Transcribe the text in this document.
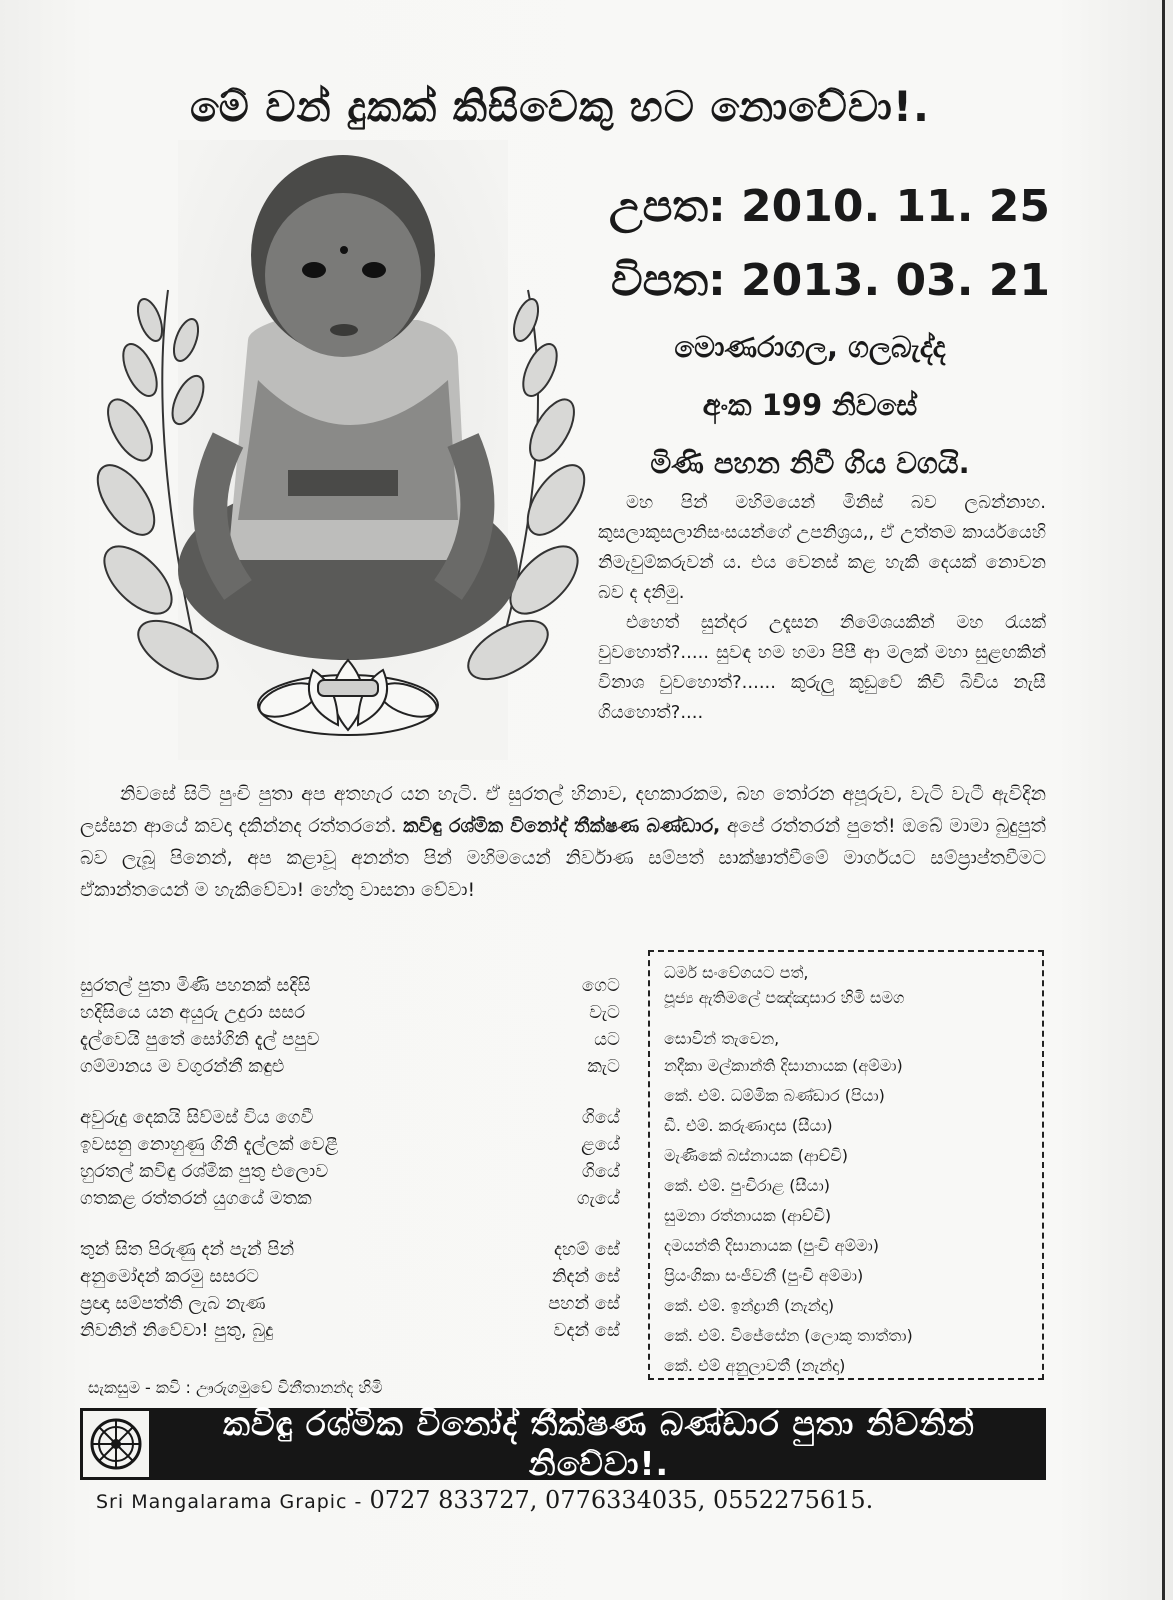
මේ වන් දුකක් කිසිවෙකු හට නොවේවා!.
උපත: 2010. 11. 25
විපත: 2013. 03. 21
මොණරාගල, ගලබැද්ද
අංක 199 නිවසේ
මිණි පහන නිවී ගිය වගයි.

මහ පින් මහිමයෙන් මිනිස් බව ලබන්නාහ. කුසලාකුසලානිසංසයන්ගේ උපනිශ්‍රය,, ඒ උත්තම කාර්යයෙහි නිමැවුම්කරුවන් ය. එය වෙනස් කළ හැකි දෙයක් නොවන බව ද දනිමු.

එහෙත් සුන්දර උදෑසන නිමේශයකින් මහ රැයක් වුවහොත්?..... සුවඳ හම හමා පිපී ආ මලක් මහා සුළඟකින් විනාශ වුවහොත්?...... කුරුලු කූඩුවේ කිචි බිචිය නැසී ගියහොත්?....

නිවසේ සිටි පුංචි පුතා අප අතහැර යන හැටි. ඒ සුරතල් හිනාව, දඟකාරකම, බහ තෝරන අපූරුව, වැටි වැටී ඇවිදින ලස්සන ආයේ කවදා දකින්නද රත්තරනේ. කවිඳු රශ්මික විනෝද් තීක්ෂණ බණ්ඩාර, අපේ රත්තරන් පුතේ! ඔබේ මාමා බුදුපුත් බව ලැබූ පිනෙන්, අප කළාවූ අනන්ත පින් මහිමයෙන් නිර්වාණ සම්පත් සාක්ෂාත්වීමේ මාර්ගයට සම්ප්‍රාප්තවීමට ඒකාන්තයෙන් ම හැකිවේවා! හේතු වාසනා වේවා!
සුරතල් පුතා මිණි පහනක් සදිසි	ගෙට
හදිසියෙ යන අයුරු උදුරා සසර	වැට
දැල්වෙයි පුතේ සෝගිනි දැල් පපුව	යට
ගම්මානය ම වගුරන්නී කඳුළු	කැට
අවුරුදු දෙකයි සිව්මස් විය ගෙවී	ගියේ
ඉවසනු නොහුණු ගිනි දැල්ලක් වෙළී	ළයේ
හුරතල් කවිඳු රශ්මික පුතු එලොව	ගියේ
ගතකළ රත්තරන් යුගයේ මතක	ගැයේ
තුන් සිත පිරුණු දන් පැන් පින්	දහම් සේ
අනුමෝදන් කරමු සසරට	නිදන් සේ
ප්‍රඥා සම්පත්ති ලැබ නැණ	පහන් සේ
නිවනින් නිවේවා! පුතු, බුදු	වදන් සේ
සැකසුම - කවි : ඌරුගමුවේ විනීතානන්ද හිමි
ධර්ම සංවේගයට පත්,
පූජ්‍ය ඇතිමලේ පඤ්ඤාසාර හිමි සමග
සොවින් තැවෙන,
නදීකා මල්කාන්ති දිසානායක (අම්මා)
කේ. එම්. ධම්මික බණ්ඩාර (පියා)
ඩී. එම්. කරුණාදාස (සීයා)
මැණිකේ බස්නායක (ආච්චි)
කේ. එම්. පුංචිරාළ (සීයා)
සුමනා රත්නායක (ආච්චි)
දමයන්ති දිසානායක (පුංචි අම්මා)
ප්‍රියංගිකා සංජීවනී (පුංචි අම්මා)
කේ. එම්. ඉන්ද්‍රානි (නැන්දා)
කේ. එම්. විජේසේන (ලොකු තාත්තා)
කේ. එම් අනුලාවතී (නැන්දා)
කවිඳු රශ්මික විනෝද් තීක්ෂණ බණ්ඩාර පුතා නිවනින් නිවේවා!.
Sri Mangalarama Grapic - 0727 833727, 0776334035, 0552275615.
